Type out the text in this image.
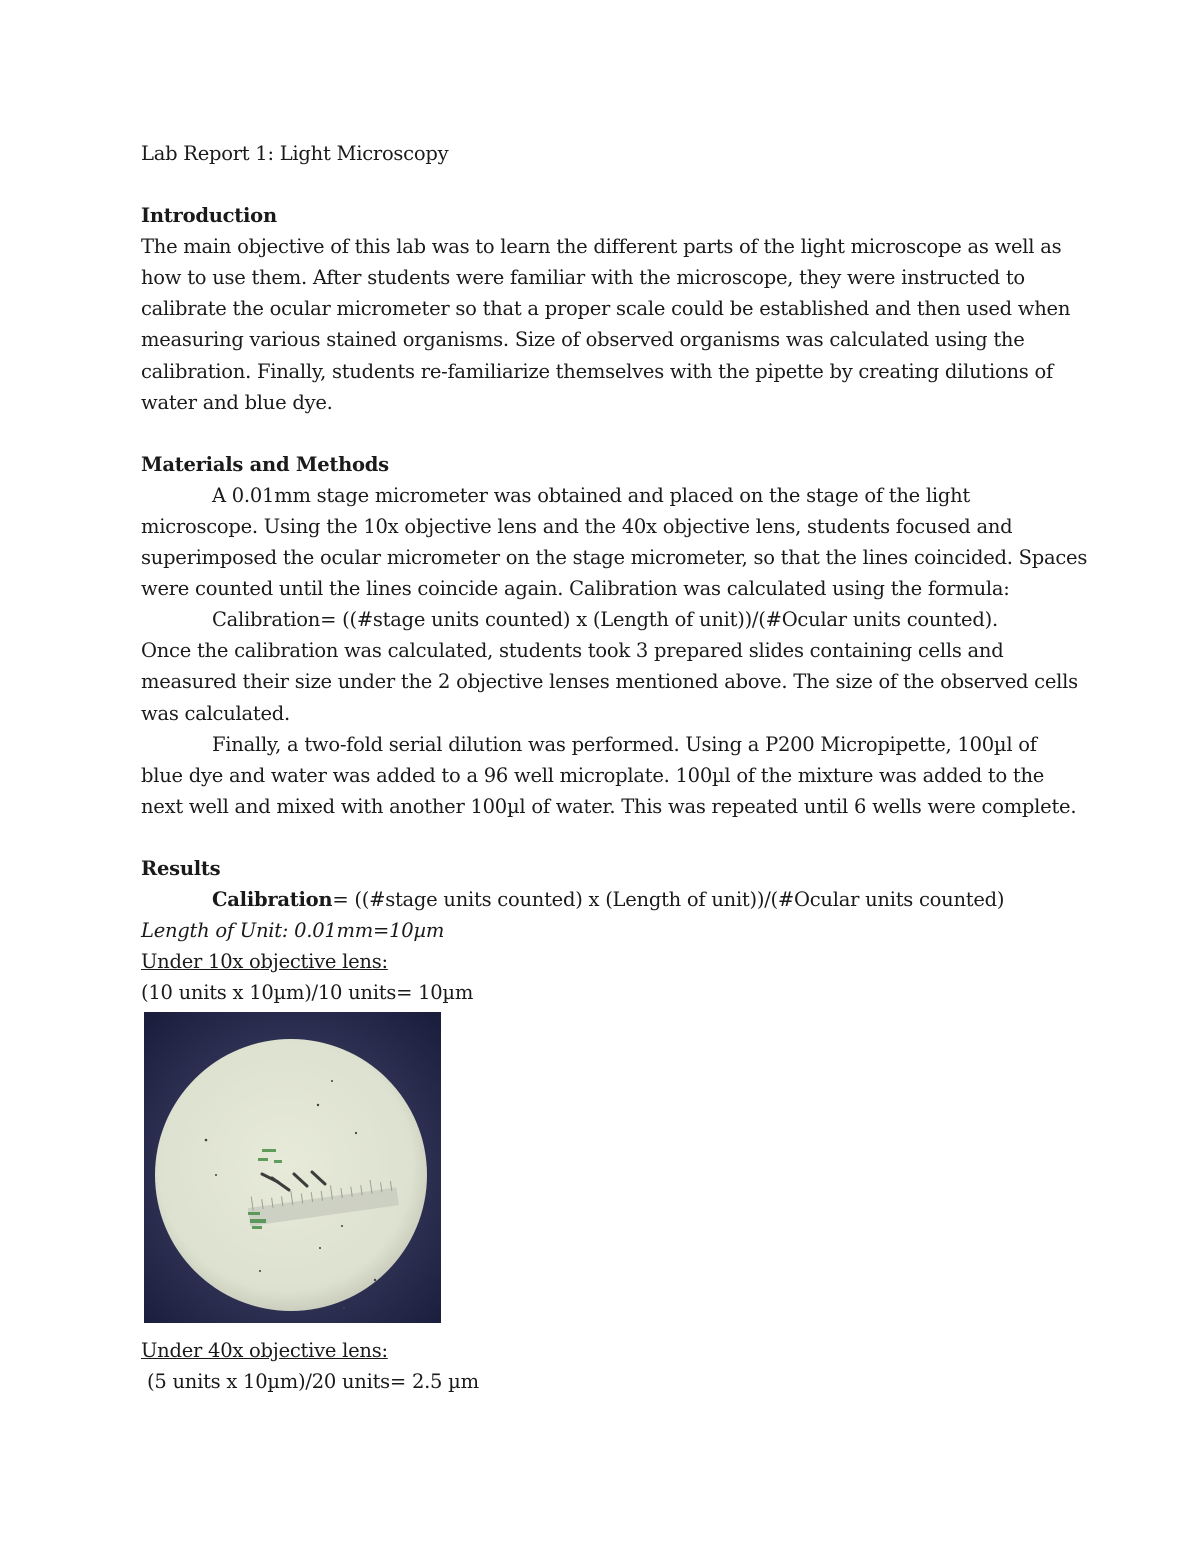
Lab Report 1: Light Microscopy
Introduction
The main objective of this lab was to learn the different parts of the light microscope as well as
how to use them. After students were familiar with the microscope, they were instructed to
calibrate the ocular micrometer so that a proper scale could be established and then used when
measuring various stained organisms. Size of observed organisms was calculated using the
calibration. Finally, students re-familiarize themselves with the pipette by creating dilutions of
water and blue dye.
Materials and Methods
A 0.01mm stage micrometer was obtained and placed on the stage of the light
microscope. Using the 10x objective lens and the 40x objective lens, students focused and
superimposed the ocular micrometer on the stage micrometer, so that the lines coincided. Spaces
were counted until the lines coincide again. Calibration was calculated using the formula:
Calibration= ((#stage units counted) x (Length of unit))/(#Ocular units counted).
Once the calibration was calculated, students took 3 prepared slides containing cells and
measured their size under the 2 objective lenses mentioned above. The size of the observed cells
was calculated.
Finally, a two-fold serial dilution was performed. Using a P200 Micropipette, 100µl of
blue dye and water was added to a 96 well microplate. 100µl of the mixture was added to the
next well and mixed with another 100µl of water. This was repeated until 6 wells were complete.
Results
Calibration= ((#stage units counted) x (Length of unit))/(#Ocular units counted)
Length of Unit: 0.01mm=10µm
Under 10x objective lens:
(10 units x 10µm)/10 units= 10µm
Under 40x objective lens:
(5 units x 10µm)/20 units= 2.5 µm
